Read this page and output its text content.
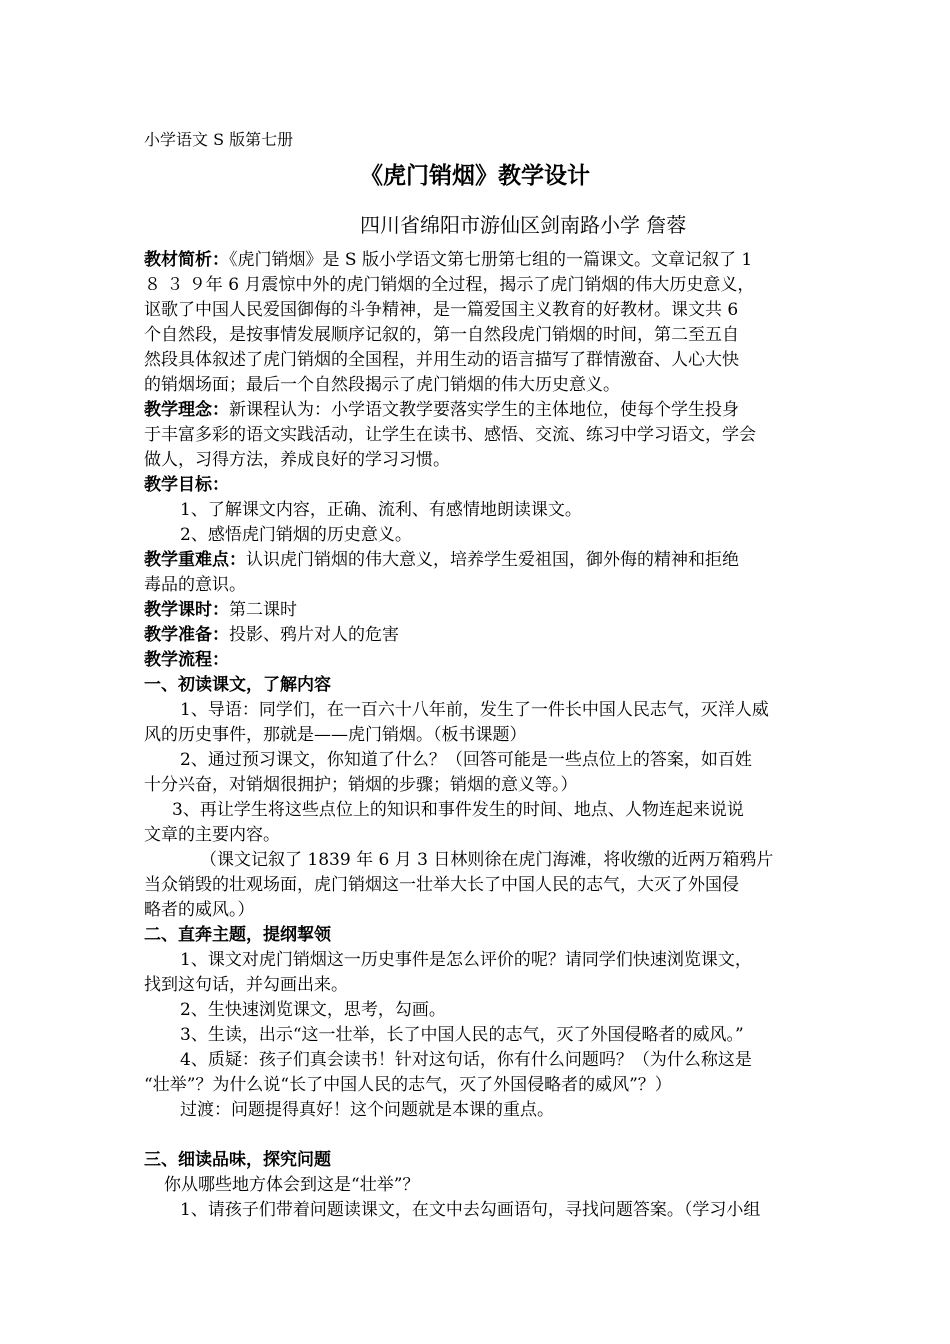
小学语文 S 版第七册
《虎门销烟》教学设计
四川省绵阳市游仙区剑南路小学 詹蓉
教材简析：《虎门销烟》是 S 版小学语文第七册第七组的一篇课文。文章记叙了 1
８ ３ ９年 6 月震惊中外的虎门销烟的全过程，揭示了虎门销烟的伟大历史意义，
讴歌了中国人民爱国御侮的斗争精神，是一篇爱国主义教育的好教材。课文共 6
个自然段，是按事情发展顺序记叙的，第一自然段虎门销烟的时间，第二至五自
然段具体叙述了虎门销烟的全国程，并用生动的语言描写了群情激奋、人心大快
的销烟场面；最后一个自然段揭示了虎门销烟的伟大历史意义。
教学理念：新课程认为：小学语文教学要落实学生的主体地位，使每个学生投身
于丰富多彩的语文实践活动，让学生在读书、感悟、交流、练习中学习语文，学会
做人，习得方法，养成良好的学习习惯。
教学目标：
1、了解课文内容，正确、流利、有感情地朗读课文。
2、感悟虎门销烟的历史意义。
教学重难点：认识虎门销烟的伟大意义，培养学生爱祖国，御外侮的精神和拒绝
毒品的意识。
教学课时：第二课时
教学准备：投影、鸦片对人的危害
教学流程：
一、初读课文，了解内容
1、导语：同学们，在一百六十八年前，发生了一件长中国人民志气，灭洋人威
风的历史事件，那就是——虎门销烟。（板书课题）
2、通过预习课文，你知道了什么？（回答可能是一些点位上的答案，如百姓
十分兴奋，对销烟很拥护；销烟的步骤；销烟的意义等。）
3、再让学生将这些点位上的知识和事件发生的时间、地点、人物连起来说说
文章的主要内容。
（课文记叙了 1839 年 6 月 3 日林则徐在虎门海滩，将收缴的近两万箱鸦片
当众销毁的壮观场面，虎门销烟这一壮举大长了中国人民的志气，大灭了外国侵
略者的威风。）
二、直奔主题，提纲挈领
1、课文对虎门销烟这一历史事件是怎么评价的呢？请同学们快速浏览课文，
找到这句话，并勾画出来。
2、生快速浏览课文，思考，勾画。
3、生读，出示“这一壮举，长了中国人民的志气，灭了外国侵略者的威风。”
4、质疑：孩子们真会读书！针对这句话，你有什么问题吗？（为什么称这是
“壮举”？为什么说“长了中国人民的志气，灭了外国侵略者的威风”？）
过渡：问题提得真好！这个问题就是本课的重点。
三、细读品味，探究问题
你从哪些地方体会到这是“壮举”？
1、请孩子们带着问题读课文，在文中去勾画语句，寻找问题答案。（学习小组
